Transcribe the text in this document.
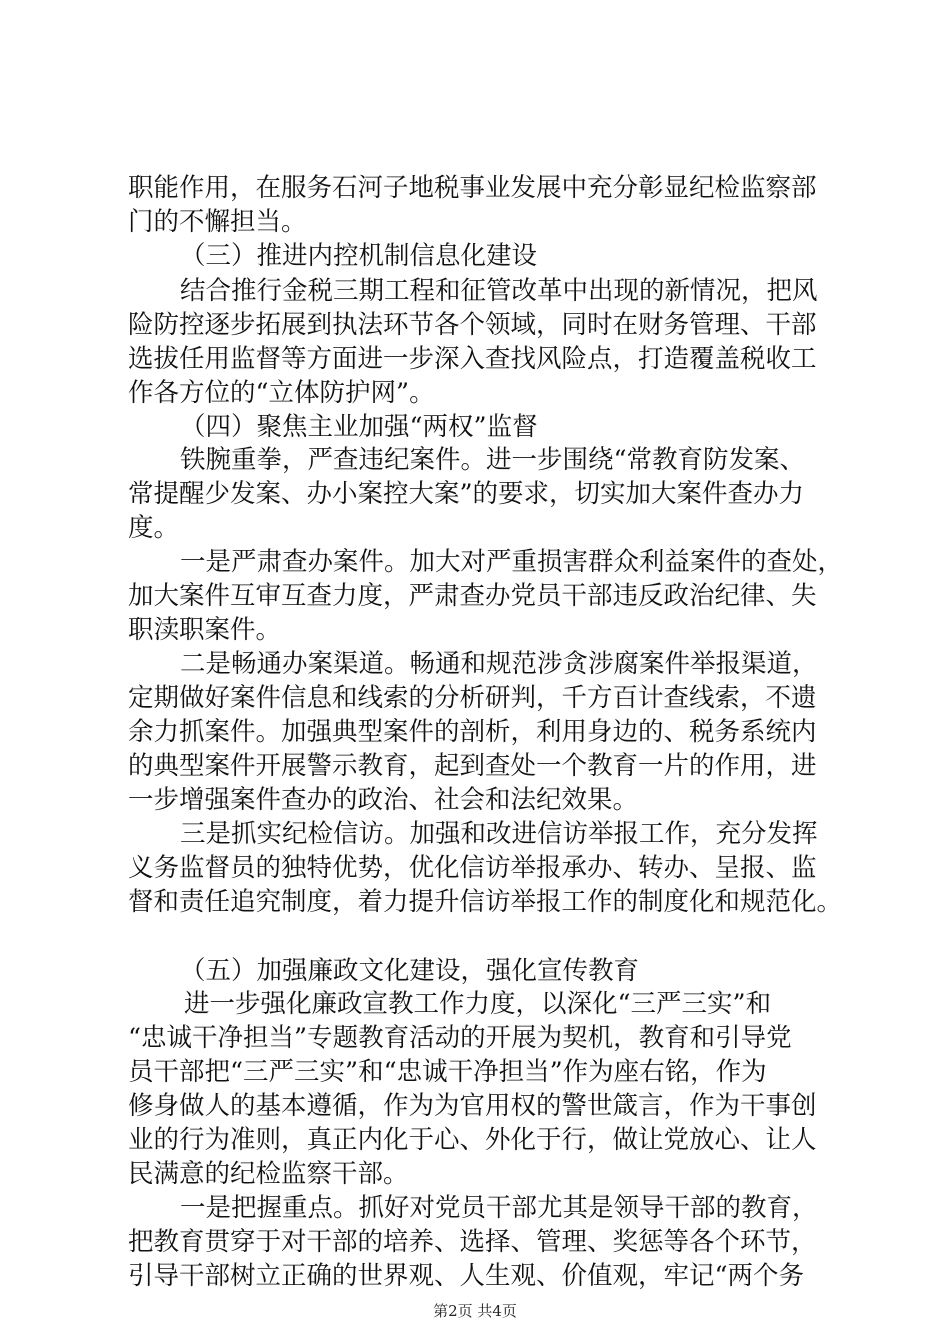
职能作用，在服务石河子地税事业发展中充分彰显纪检监察部
门的不懈担当。
（三）推进内控机制信息化建设
结合推行金税三期工程和征管改革中出现的新情况，把风
险防控逐步拓展到执法环节各个领域，同时在财务管理、干部
选拔任用监督等方面进一步深入查找风险点，打造覆盖税收工
作各方位的“立体防护网”。
（四）聚焦主业加强“两权”监督
铁腕重拳，严查违纪案件。进一步围绕“常教育防发案、
常提醒少发案、办小案控大案”的要求，切实加大案件查办力
度。
一是严肃查办案件。加大对严重损害群众利益案件的查处，
加大案件互审互查力度，严肃查办党员干部违反政治纪律、失
职渎职案件。
二是畅通办案渠道。畅通和规范涉贪涉腐案件举报渠道，
定期做好案件信息和线索的分析研判，千方百计查线索，不遗
余力抓案件。加强典型案件的剖析，利用身边的、税务系统内
的典型案件开展警示教育，起到查处一个教育一片的作用，进
一步增强案件查办的政治、社会和法纪效果。
三是抓实纪检信访。加强和改进信访举报工作，充分发挥
义务监督员的独特优势，优化信访举报承办、转办、呈报、监
督和责任追究制度，着力提升信访举报工作的制度化和规范化。
（五）加强廉政文化建设，强化宣传教育
进一步强化廉政宣教工作力度，以深化“三严三实”和
“忠诚干净担当”专题教育活动的开展为契机，教育和引导党
员干部把“三严三实”和“忠诚干净担当”作为座右铭，作为
修身做人的基本遵循，作为为官用权的警世箴言，作为干事创
业的行为准则，真正内化于心、外化于行，做让党放心、让人
民满意的纪检监察干部。
一是把握重点。抓好对党员干部尤其是领导干部的教育，
把教育贯穿于对干部的培养、选择、管理、奖惩等各个环节，
引导干部树立正确的世界观、人生观、价值观，牢记“两个务
第2页 共4页
